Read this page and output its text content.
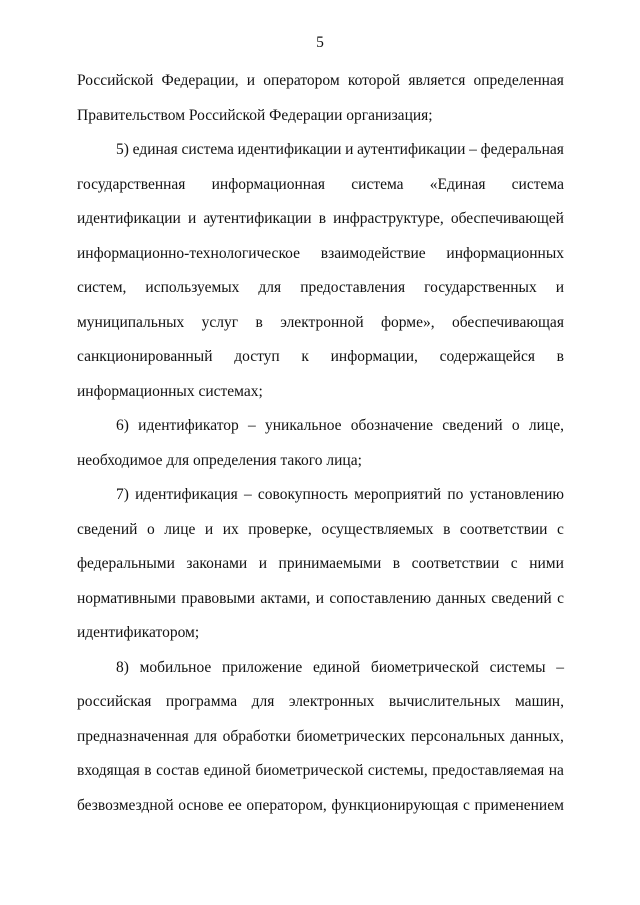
5
Российской Федерации, и оператором которой является определенная
Правительством Российской Федерации организация;
5) единая система идентификации и аутентификации – федеральная
государственная информационная система «Единая система
идентификации и аутентификации в инфраструктуре, обеспечивающей
информационно-технологическое взаимодействие информационных
систем, используемых для предоставления государственных и
муниципальных услуг в электронной форме», обеспечивающая
санкционированный доступ к информации, содержащейся в
информационных системах;
6) идентификатор – уникальное обозначение сведений о лице,
необходимое для определения такого лица;
7) идентификация – совокупность мероприятий по установлению
сведений о лице и их проверке, осуществляемых в соответствии с
федеральными законами и принимаемыми в соответствии с ними
нормативными правовыми актами, и сопоставлению данных сведений с
идентификатором;
8) мобильное приложение единой биометрической системы –
российская программа для электронных вычислительных машин,
предназначенная для обработки биометрических персональных данных,
входящая в состав единой биометрической системы, предоставляемая на
безвозмездной основе ее оператором, функционирующая с применением
